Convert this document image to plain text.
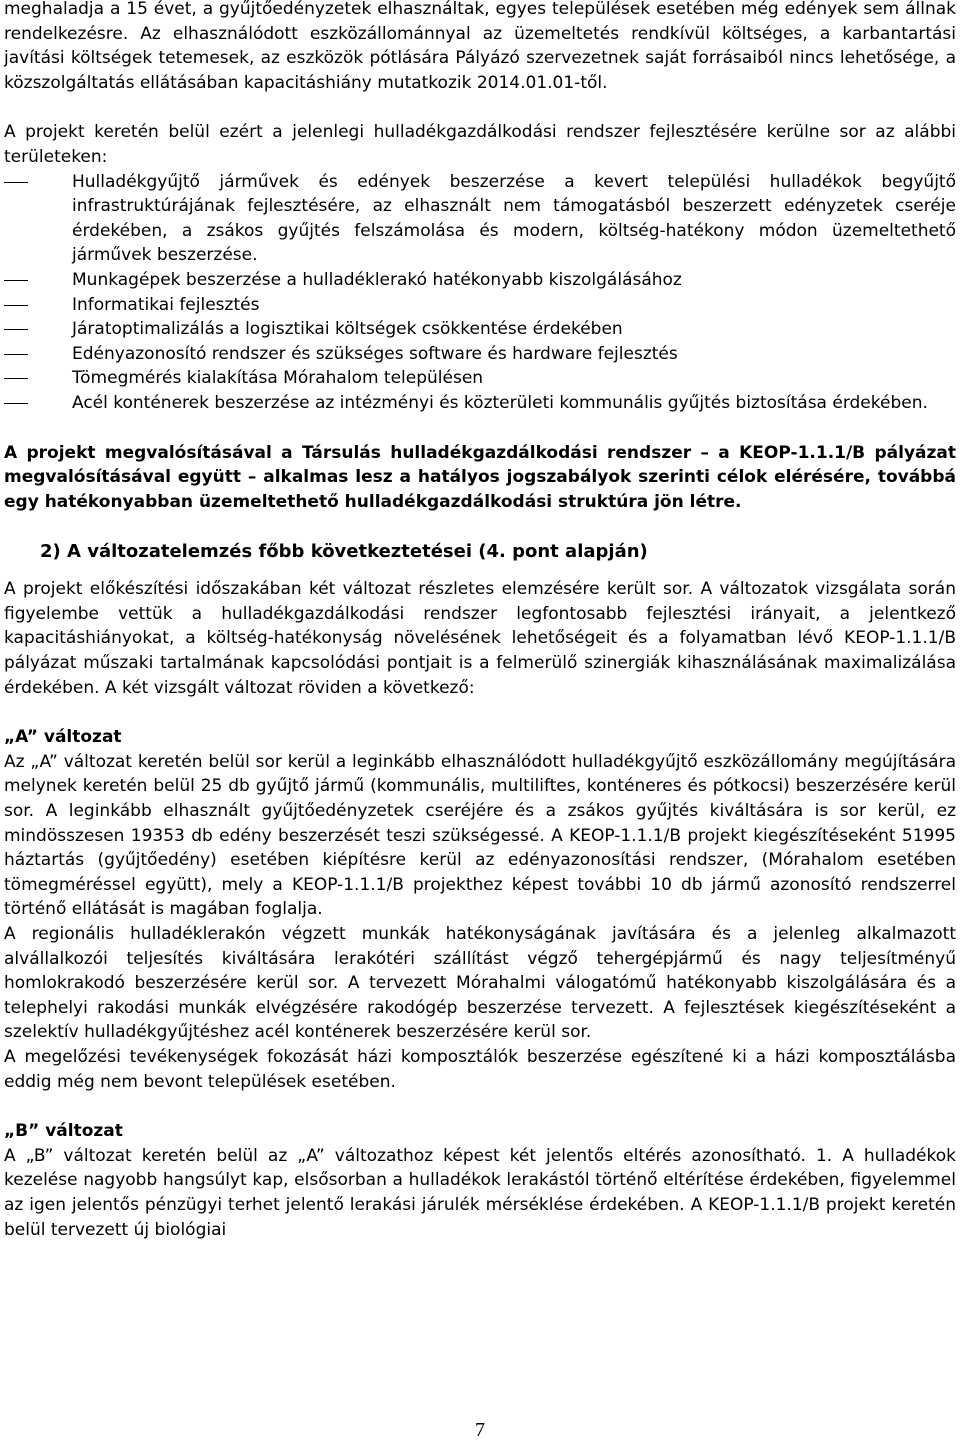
meghaladja a 15 évet, a gyűjtőedényzetek elhasználtak, egyes települések esetében még edények sem állnak rendelkezésre. Az elhasználódott eszközállománnyal az üzemeltetés rendkívül költséges, a karbantartási javítási költségek tetemesek, az eszközök pótlására Pályázó szervezetnek saját forrásaiból nincs lehetősége, a közszolgáltatás ellátásában kapacitáshiány mutatkozik 2014.01.01-től.

A projekt keretén belül ezért a jelenlegi hulladékgazdálkodási rendszer fejlesztésére kerülne sor az alábbi területeken:

Hulladékgyűjtő járművek és edények beszerzése a kevert települési hulladékok begyűjtő infrastruktúrájának fejlesztésére, az elhasznált nem támogatásból beszerzett edényzetek cseréje érdekében, a zsákos gyűjtés felszámolása és modern, költség-hatékony módon üzemeltethető járművek beszerzése.
Munkagépek beszerzése a hulladéklerakó hatékonyabb kiszolgálásához
Informatikai fejlesztés
Járatoptimalizálás a logisztikai költségek csökkentése érdekében
Edényazonosító rendszer és szükséges software és hardware fejlesztés
Tömegmérés kialakítása Mórahalom településen
Acél konténerek beszerzése az intézményi és közterületi kommunális gyűjtés biztosítása érdekében.

A projekt megvalósításával a Társulás hulladékgazdálkodási rendszer – a KEOP-1.1.1/B pályázat megvalósításával együtt – alkalmas lesz a hatályos jogszabályok szerinti célok elérésére, továbbá egy hatékonyabban üzemeltethető hulladékgazdálkodási struktúra jön létre.

2) A változatelemzés főbb következtetései (4. pont alapján)

A projekt előkészítési időszakában két változat részletes elemzésére került sor. A változatok vizsgálata során figyelembe vettük a hulladékgazdálkodási rendszer legfontosabb fejlesztési irányait, a jelentkező kapacitáshiányokat, a költség-hatékonyság növelésének lehetőségeit és a folyamatban lévő KEOP-1.1.1/B pályázat műszaki tartalmának kapcsolódási pontjait is a felmerülő szinergiák kihasználásának maximalizálása érdekében. A két vizsgált változat röviden a következő:

„A” változat

Az „A” változat keretén belül sor kerül a leginkább elhasználódott hulladékgyűjtő eszközállomány megújítására melynek keretén belül 25 db gyűjtő jármű (kommunális, multiliftes, konténeres és pótkocsi) beszerzésére kerül sor. A leginkább elhasznált gyűjtőedényzetek cseréjére és a zsákos gyűjtés kiváltására is sor kerül, ez mindösszesen 19353 db edény beszerzését teszi szükségessé. A KEOP-1.1.1/B projekt kiegészítéseként 51995 háztartás (gyűjtőedény) esetében kiépítésre kerül az edényazonosítási rendszer, (Mórahalom esetében tömegméréssel együtt), mely a KEOP-1.1.1/B projekthez képest további 10 db jármű azonosító rendszerrel történő ellátását is magában foglalja.

A regionális hulladéklerakón végzett munkák hatékonyságának javítására és a jelenleg alkalmazott alvállalkozói teljesítés kiváltására lerakótéri szállítást végző tehergépjármű és nagy teljesítményű homlokrakodó beszerzésére kerül sor. A tervezett Mórahalmi válogatómű hatékonyabb kiszolgálására és a telephelyi rakodási munkák elvégzésére rakodógép beszerzése tervezett. A fejlesztések kiegészítéseként a szelektív hulladékgyűjtéshez acél konténerek beszerzésére kerül sor.

A megelőzési tevékenységek fokozását házi komposztálók beszerzése egészítené ki a házi komposztálásba eddig még nem bevont települések esetében.

„B” változat

A „B” változat keretén belül az „A” változathoz képest két jelentős eltérés azonosítható. 1. A hulladékok kezelése nagyobb hangsúlyt kap, elsősorban a hulladékok lerakástól történő eltérítése érdekében, figyelemmel az igen jelentős pénzügyi terhet jelentő lerakási járulék mérséklése érdekében. A KEOP-1.1.1/B projekt keretén belül tervezett új biológiai

7
